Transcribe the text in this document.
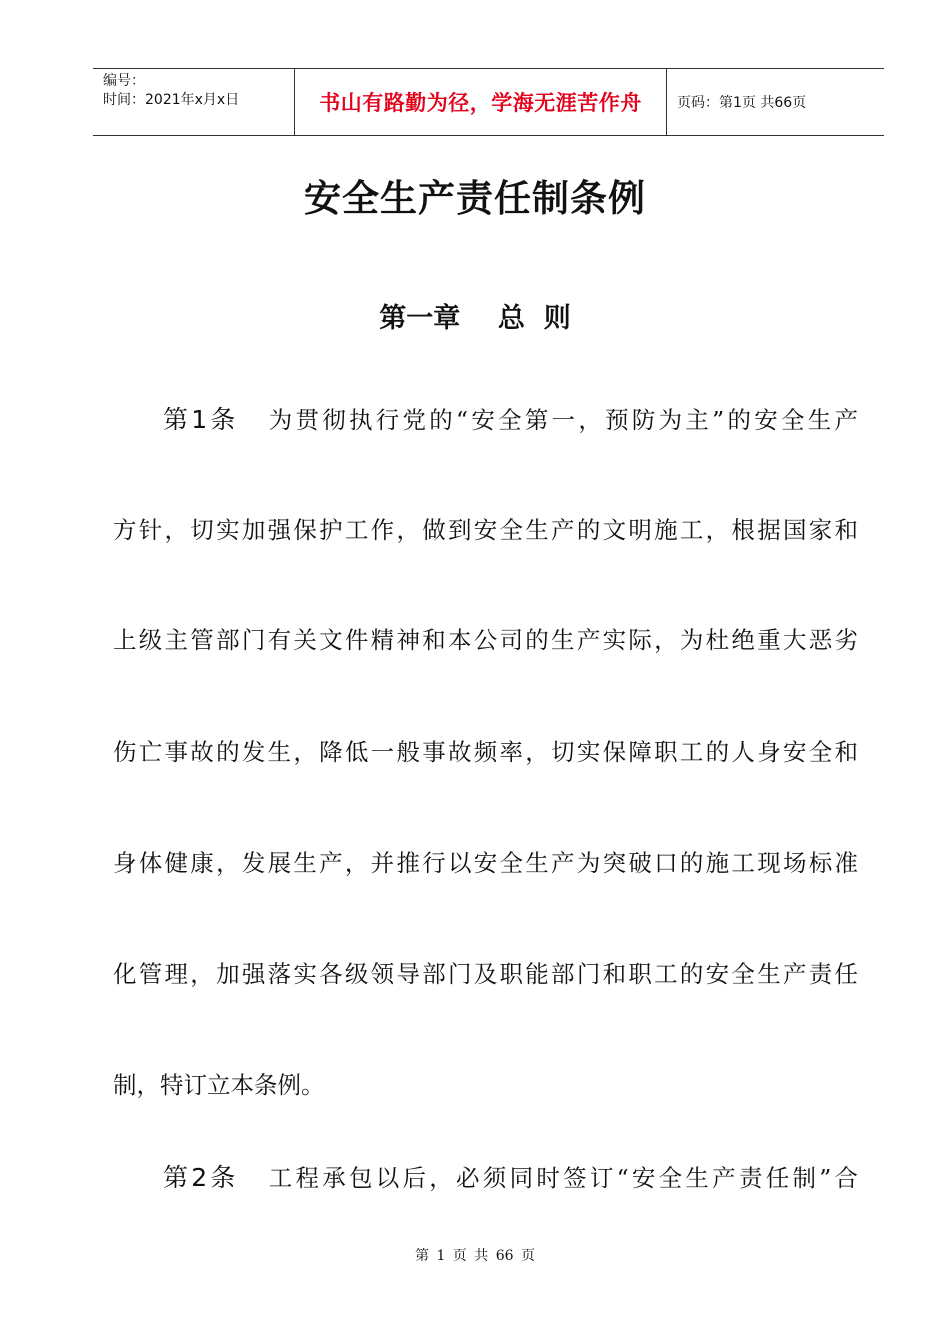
编号：
时间：2021年x月x日	书山有路勤为径，学海无涯苦作舟	页码：第1页 共66页
安全生产责任制条例
第一章    总  则
第1条 为贯彻执行党的“安全第一，预防为主”的安全生产
方针，切实加强保护工作，做到安全生产的文明施工，根据国家和
上级主管部门有关文件精神和本公司的生产实际，为杜绝重大恶劣
伤亡事故的发生，降低一般事故频率，切实保障职工的人身安全和
身体健康，发展生产，并推行以安全生产为突破口的施工现场标准
化管理，加强落实各级领导部门及职能部门和职工的安全生产责任
制，特订立本条例。
第2条 工程承包以后，必须同时签订“安全生产责任制”合
第 1 页 共 66 页
